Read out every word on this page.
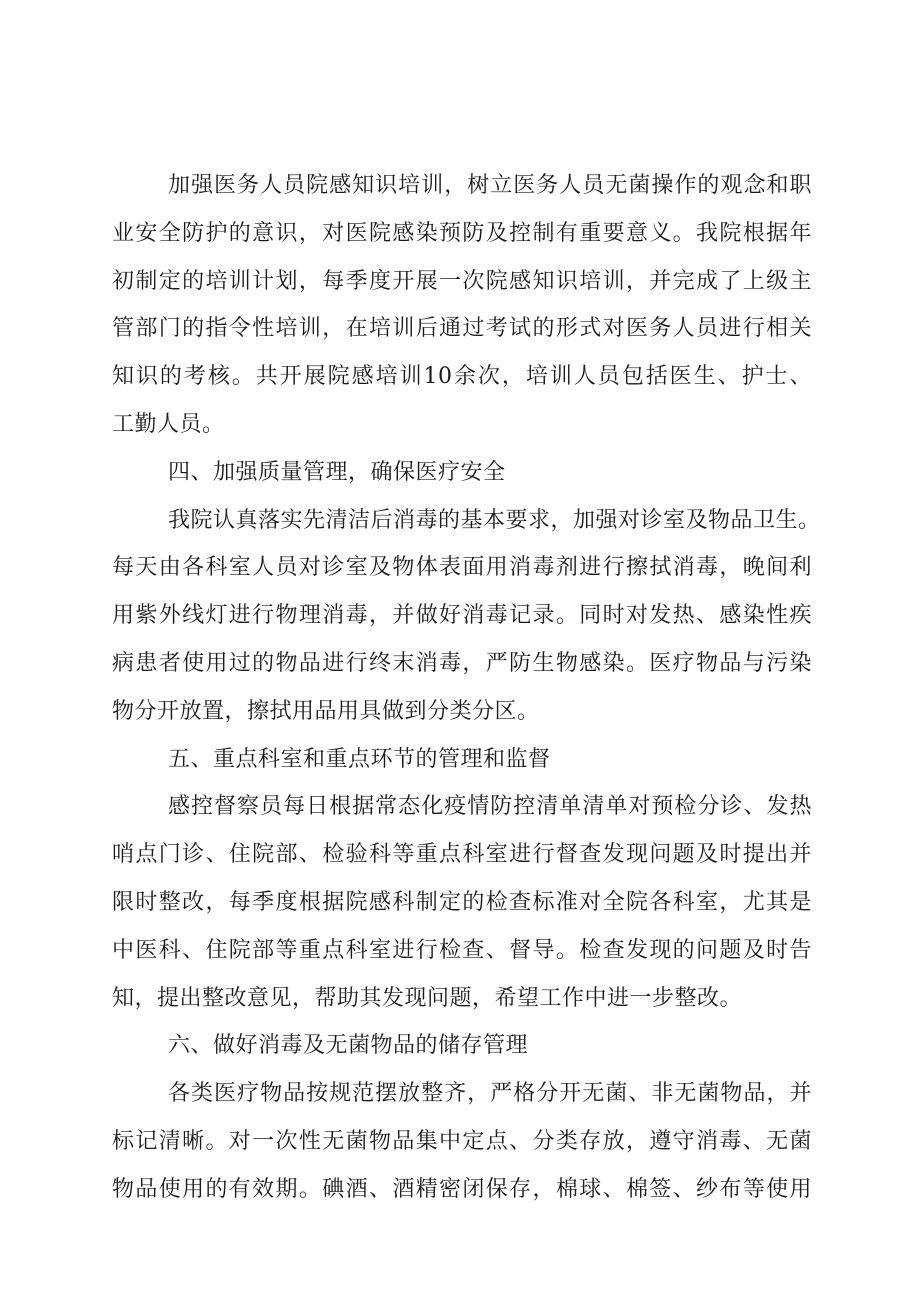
加强医务人员院感知识培训，树立医务人员无菌操作的观念和职
业安全防护的意识，对医院感染预防及控制有重要意义。我院根据年
初制定的培训计划，每季度开展一次院感知识培训，并完成了上级主
管部门的指令性培训，在培训后通过考试的形式对医务人员进行相关
知识的考核。共开展院感培训10余次，培训人员包括医生、护士、
工勤人员。
四、加强质量管理，确保医疗安全
我院认真落实先清洁后消毒的基本要求，加强对诊室及物品卫生。
每天由各科室人员对诊室及物体表面用消毒剂进行擦拭消毒，晚间利
用紫外线灯进行物理消毒，并做好消毒记录。同时对发热、感染性疾
病患者使用过的物品进行终末消毒，严防生物感染。医疗物品与污染
物分开放置，擦拭用品用具做到分类分区。
五、重点科室和重点环节的管理和监督
感控督察员每日根据常态化疫情防控清单清单对预检分诊、发热
哨点门诊、住院部、检验科等重点科室进行督查发现问题及时提出并
限时整改，每季度根据院感科制定的检查标准对全院各科室，尤其是
中医科、住院部等重点科室进行检查、督导。检查发现的问题及时告
知，提出整改意见，帮助其发现问题，希望工作中进一步整改。
六、做好消毒及无菌物品的储存管理
各类医疗物品按规范摆放整齐，严格分开无菌、非无菌物品，并
标记清晰。对一次性无菌物品集中定点、分类存放，遵守消毒、无菌
物品使用的有效期。碘酒、酒精密闭保存，棉球、棉签、纱布等使用
